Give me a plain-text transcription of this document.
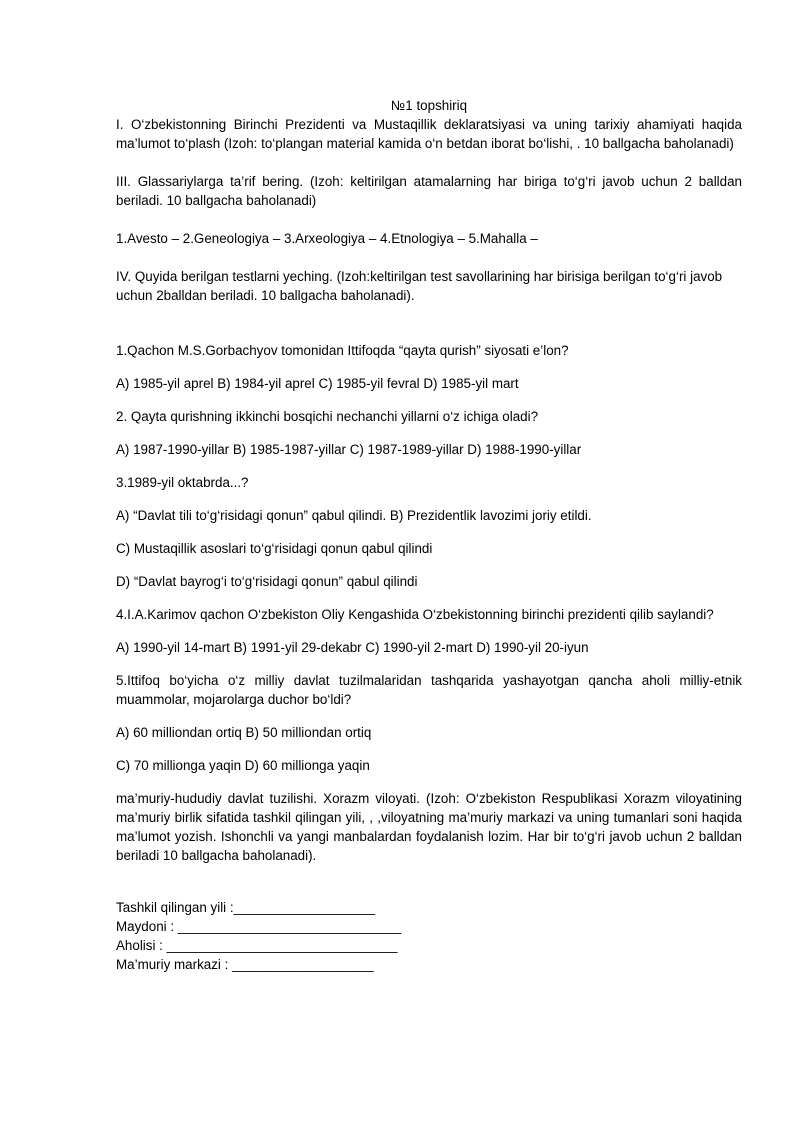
№1 topshiriq

I. O‘zbekistonning Birinchi Prezidenti va Mustaqillik deklaratsiyasi va uning tarixiy ahamiyati haqida ma’lumot to‘plash (Izoh: to‘plangan material kamida o‘n betdan iborat bo‘lishi, . 10 ballgacha baholanadi)

III. Glassariylarga ta’rif bering. (Izoh: keltirilgan atamalarning har biriga to‘g‘ri javob uchun 2 balldan beriladi. 10 ballgacha baholanadi)

1.Avesto – 2.Geneologiya – 3.Arxeologiya – 4.Etnologiya – 5.Mahalla –

IV. Quyida berilgan testlarni yeching. (Izoh:keltirilgan test savollarining har birisiga berilgan to‘g‘ri javob uchun 2balldan beriladi. 10 ballgacha baholanadi).

1.Qachon M.S.Gorbachyov tomonidan Ittifoqda “qayta qurish” siyosati e’lon?

A) 1985-yil aprel B) 1984-yil aprel C) 1985-yil fevral D) 1985-yil mart

2. Qayta qurishning ikkinchi bosqichi nechanchi yillarni o‘z ichiga oladi?

A) 1987-1990-yillar B) 1985-1987-yillar C) 1987-1989-yillar D) 1988-1990-yillar

3.1989-yil oktabrda...?

A) “Davlat tili to‘g‘risidagi qonun” qabul qilindi. B) Prezidentlik lavozimi joriy etildi.

C) Mustaqillik asoslari to‘g‘risidagi qonun qabul qilindi

D) “Davlat bayrog‘i to‘g‘risidagi qonun” qabul qilindi

4.I.A.Karimov qachon O‘zbekiston Oliy Kengashida O‘zbekistonning birinchi prezidenti qilib saylandi?

A) 1990-yil 14-mart B) 1991-yil 29-dekabr C) 1990-yil 2-mart D) 1990-yil 20-iyun

5.Ittifoq bo‘yicha o‘z milliy davlat tuzilmalaridan tashqarida yashayotgan qancha aholi milliy-etnik muammolar, mojarolarga duchor bo‘ldi?

A) 60 milliondan ortiq B) 50 milliondan ortiq

C) 70 millionga yaqin D) 60 millionga yaqin

ma’muriy-hududiy davlat tuzilishi. Xorazm viloyati. (Izoh: O‘zbekiston Respublikasi Xorazm viloyatining ma’muriy birlik sifatida tashkil qilingan yili, , ,viloyatning ma’muriy markazi va uning tumanlari soni haqida ma’lumot yozish. Ishonchli va yangi manbalardan foydalanish lozim. Har bir to‘g‘ri javob uchun 2 balldan beriladi 10 ballgacha baholanadi).

Tashkil qilingan yili :___________________

Maydoni : ______________________________

Aholisi : _______________________________

Ma’muriy markazi : ___________________
